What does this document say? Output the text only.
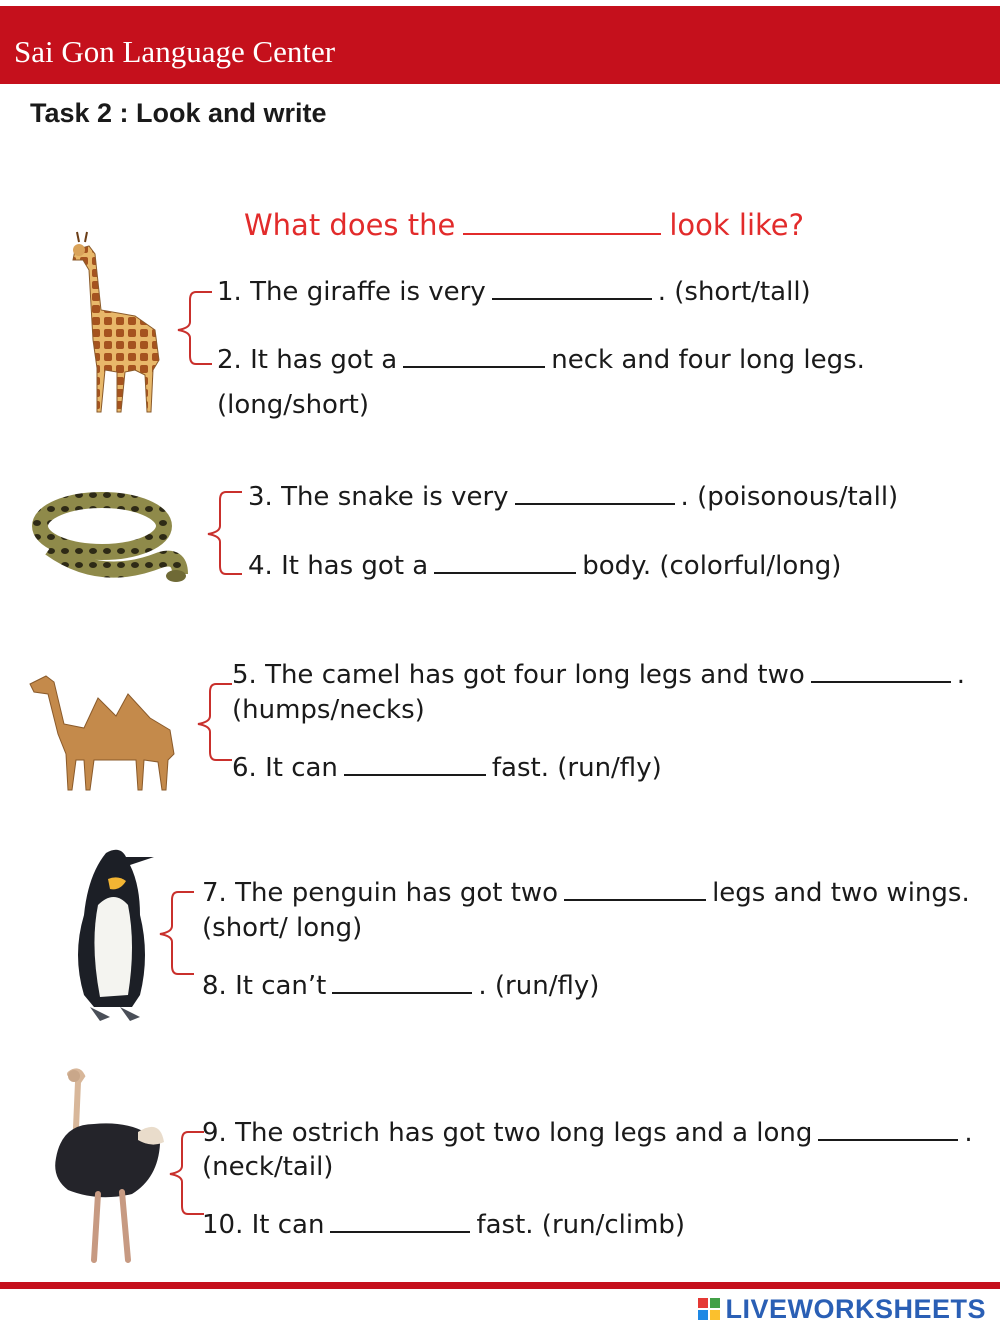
Sai Gon Language Center
Task 2 : Look and write
What does the	look like?
1. The giraffe is very	. (short/tall)
2. It has got a	neck and four long legs.
(long/short)
3. The snake is very	. (poisonous/tall)
4. It has got a	body. (colorful/long)
5. The camel has got four long legs and two	.
(humps/necks)
6. It can	fast. (run/fly)
7. The penguin has got two	legs and two wings.
(short/ long)
8. It can’t	. (run/fly)
9. The ostrich has got two long legs and a long	.
(neck/tail)
10. It can	fast. (run/climb)
LIVEWORKSHEETS
